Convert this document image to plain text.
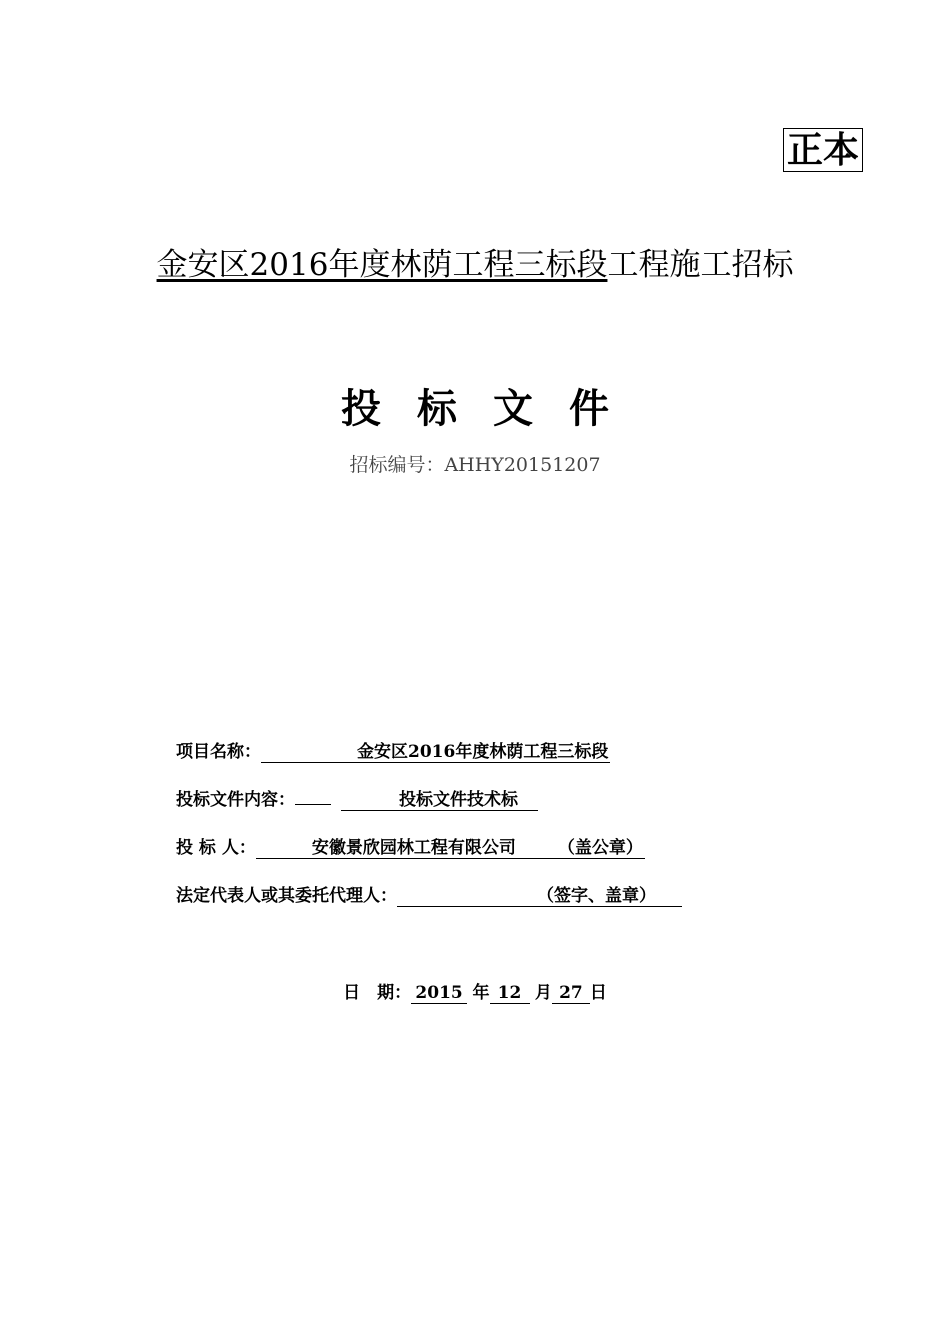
正本
金安区2016年度林荫工程三标段工程施工招标
投标文件
招标编号：AHHY20151207
项目名称：	金安区2016年度林荫工程三标段
投标文件内容：	投标文件技术标
投 标 人：	安徽景欣园林工程有限公司 （盖公章）
法定代表人或其委托代理人：	（签字、盖章）
日　期： 2015 年 12 月 27 日
